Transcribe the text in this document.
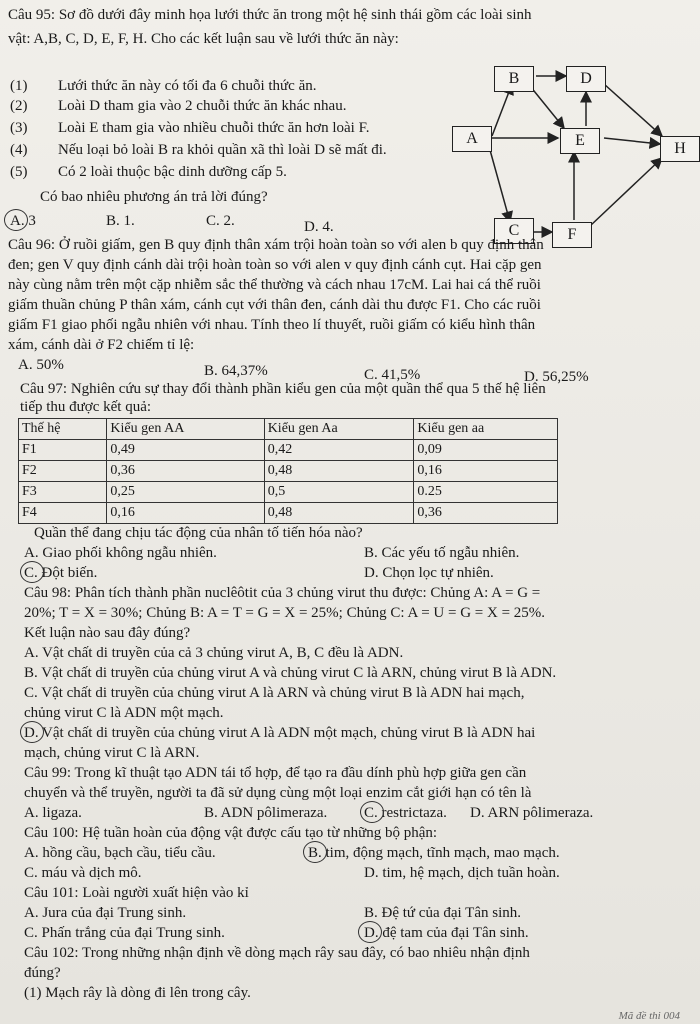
Câu 95: Sơ đồ dưới đây minh họa lưới thức ăn trong một hệ sinh thái gồm các loài sinh
vật: A,B, C, D, E, F, H. Cho các kết luận sau về lưới thức ăn này:
(1) Lưới thức ăn này có tối đa 6 chuỗi thức ăn.
(2) Loài D tham gia vào 2 chuỗi thức ăn khác nhau.
(3) Loài E tham gia vào nhiều chuỗi thức ăn hơn loài F.
(4) Nếu loại bỏ loài B ra khỏi quần xã thì loài D sẽ mất đi.
(5) Có 2 loài thuộc bậc dinh dưỡng cấp 5.
Có bao nhiêu phương án trả lời đúng?
A. 3	B. 1.	C. 2.	D. 4.
B	D
A	E	H
C	F
Câu 96: Ở ruồi giấm, gen B quy định thân xám trội hoàn toàn so với alen b quy định thân
đen; gen V quy định cánh dài trội hoàn toàn so với alen v quy định cánh cụt. Hai cặp gen
này cùng nằm trên một cặp nhiễm sắc thể thường và cách nhau 17cM. Lai hai cá thể ruồi
giấm thuần chủng P thân xám, cánh cụt với thân đen, cánh dài thu được F1. Cho các ruồi
giấm F1 giao phối ngẫu nhiên với nhau. Tính theo lí thuyết, ruồi giấm có kiểu hình thân
xám, cánh dài ở F2 chiếm tỉ lệ:
A. 50%	B. 64,37%	C. 41,5%	D. 56,25%
Câu 97: Nghiên cứu sự thay đổi thành phần kiểu gen của một quần thể qua 5 thế hệ liên
tiếp thu được kết quả:
Thế hệ	Kiểu gen AA	Kiểu gen Aa	Kiểu gen aa
F1	0,49	0,42	0,09
F2	0,36	0,48	0,16
F3	0,25	0,5	0.25
F4	0,16	0,48	0,36
Quần thể đang chịu tác động của nhân tố tiến hóa nào?
A. Giao phối không ngẫu nhiên.	B. Các yếu tố ngẫu nhiên.
C. Đột biến.	D. Chọn lọc tự nhiên.
Câu 98: Phân tích thành phần nuclêôtit của 3 chủng virut thu được: Chủng A: A = G =
20%; T = X = 30%; Chủng B: A = T = G = X = 25%; Chủng C: A = U = G = X = 25%.
Kết luận nào sau đây đúng?
A. Vật chất di truyền của cả 3 chủng virut A, B, C đều là ADN.
B. Vật chất di truyền của chủng virut A và chủng virut C là ARN, chủng virut B là ADN.
C. Vật chất di truyền của chủng virut A là ARN và chủng virut B là ADN hai mạch,
chủng virut C là ADN một mạch.
D. Vật chất di truyền của chủng virut A là ADN một mạch, chủng virut B là ADN hai
mạch, chủng virut C là ARN.
Câu 99: Trong kĩ thuật tạo ADN tái tổ hợp, để tạo ra đầu dính phù hợp giữa gen cần
chuyển và thể truyền, người ta đã sử dụng cùng một loại enzim cắt giới hạn có tên là
A. ligaza.	B. ADN pôlimeraza. C. restrictaza. D. ARN pôlimeraza.
Câu 100: Hệ tuần hoàn của động vật được cấu tạo từ những bộ phận:
A. hồng cầu, bạch cầu, tiểu cầu.	B. tim, động mạch, tĩnh mạch, mao mạch.
C. máu và dịch mô.	D. tim, hệ mạch, dịch tuần hoàn.
Câu 101: Loài người xuất hiện vào kỉ
A. Jura của đại Trung sinh.	B. Đệ tứ của đại Tân sinh.
C. Phấn trắng của đại Trung sinh.	D. đệ tam của đại Tân sinh.
Câu 102: Trong những nhận định về dòng mạch rây sau đây, có bao nhiêu nhận định
đúng?
(1) Mạch rây là dòng đi lên trong cây.
Mã đề thi 004
